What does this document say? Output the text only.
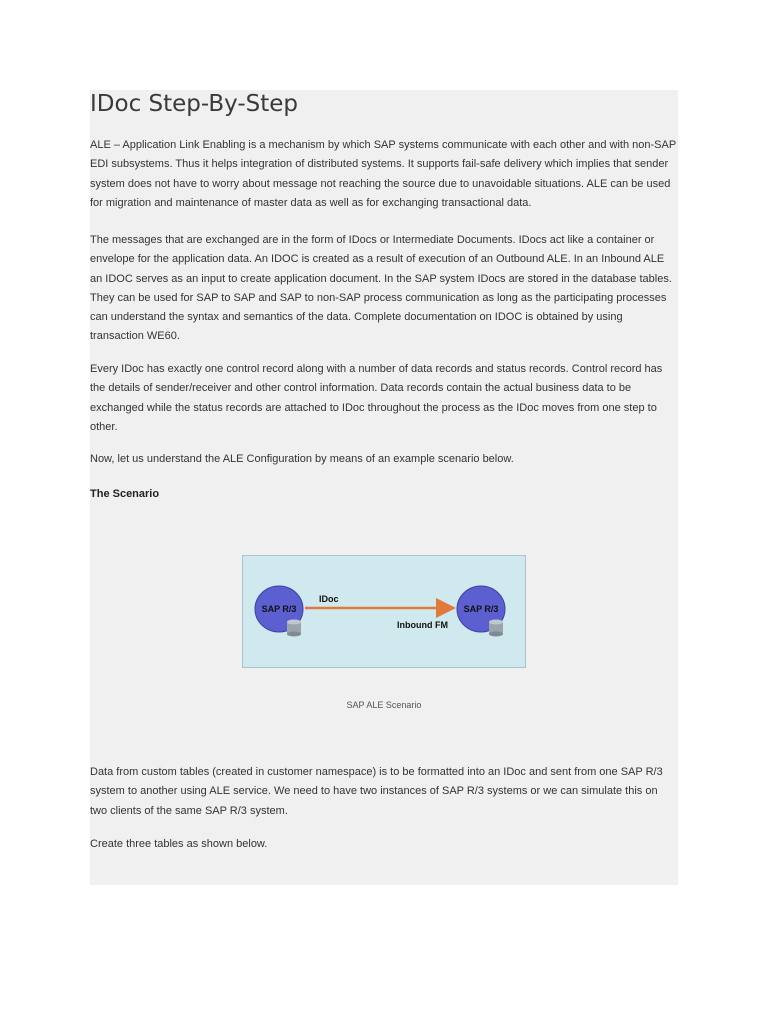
IDoc Step-By-Step

ALE – Application Link Enabling is a mechanism by which SAP systems communicate with each other and with non-SAP EDI subsystems. Thus it helps integration of distributed systems. It supports fail-safe delivery which implies that sender system does not have to worry about message not reaching the source due to unavoidable situations. ALE can be used for migration and maintenance of master data as well as for exchanging transactional data.

The messages that are exchanged are in the form of IDocs or Intermediate Documents. IDocs act like a container or envelope for the application data. An IDOC is created as a result of execution of an Outbound ALE. In an Inbound ALE an IDOC serves as an input to create application document. In the SAP system IDocs are stored in the database tables. They can be used for SAP to SAP and SAP to non-SAP process communication as long as the participating processes can understand the syntax and semantics of the data. Complete documentation on IDOC is obtained by using transaction WE60.

Every IDoc has exactly one control record along with a number of data records and status records. Control record has the details of sender/receiver and other control information. Data records contain the actual business data to be exchanged while the status records are attached to IDoc throughout the process as the IDoc moves from one step to other.

Now, let us understand the ALE Configuration by means of an example scenario below.

The Scenario

SAP R/3	SAP R/3
IDoc
Inbound FM

SAP ALE Scenario

Data from custom tables (created in customer namespace) is to be formatted into an IDoc and sent from one SAP R/3 system to another using ALE service. We need to have two instances of SAP R/3 systems or we can simulate this on two clients of the same SAP R/3 system.

Create three tables as shown below.
